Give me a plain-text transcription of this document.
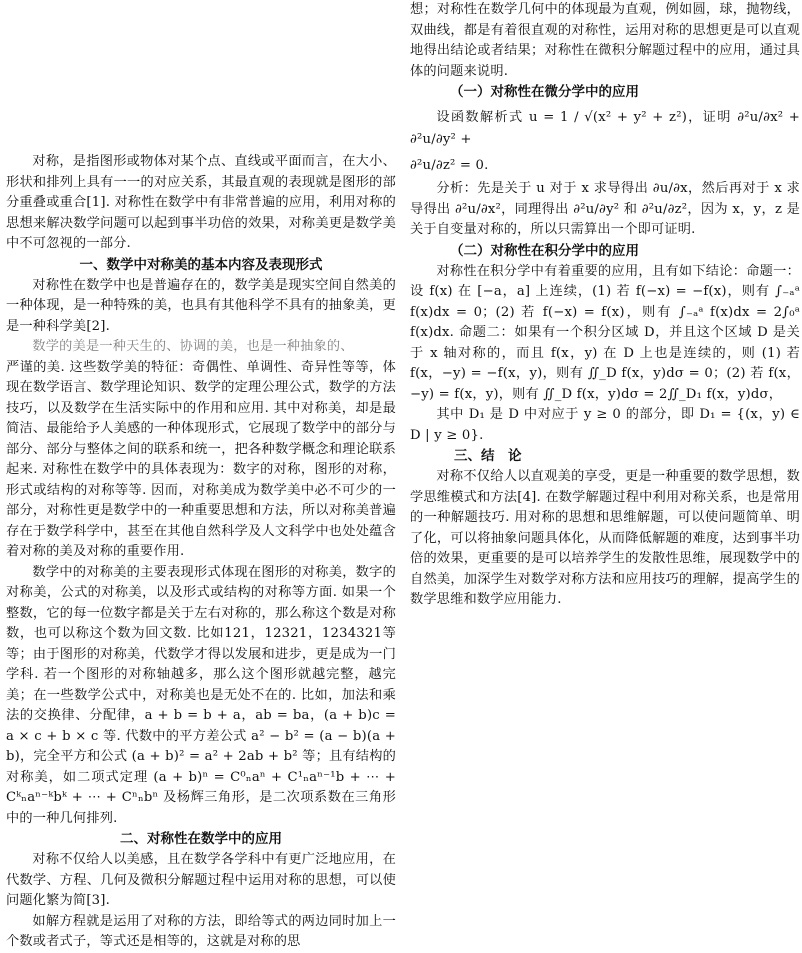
对称，是指图形或物体对某个点、直线或平面而言，在大小、形状和排列上具有一一的对应关系，其最直观的表现就是图形的部分重叠或重合[1]. 对称性在数学中有非常普遍的应用，利用对称的思想来解决数学问题可以起到事半功倍的效果，对称美更是数学美中不可忽视的一部分.

一、数学中对称美的基本内容及表现形式

对称性在数学中也是普遍存在的，数学美是现实空间自然美的一种体现，是一种特殊的美，也具有其他科学不具有的抽象美，更是一种科学美[2].

数学的美是一种天生的、协调的美，也是一种抽象的、

严谨的美. 这些数学美的特征：奇偶性、单调性、奇异性等等，体现在数学语言、数学理论知识、数学的定理公理公式，数学的方法技巧，以及数学在生活实际中的作用和应用. 其中对称美，却是最简洁、最能给予人美感的一种体现形式，它展现了数学中的部分与部分、部分与整体之间的联系和统一，把各种数学概念和理论联系起来. 对称性在数学中的具体表现为：数字的对称，图形的对称，形式或结构的对称等等. 因而，对称美成为数学美中必不可少的一部分，对称性更是数学中的一种重要思想和方法，所以对称美普遍存在于数学科学中，甚至在其他自然科学及人文科学中也处处蕴含着对称的美及对称的重要作用.

数学中的对称美的主要表现形式体现在图形的对称美，数字的对称美，公式的对称美，以及形式或结构的对称等方面. 如果一个整数，它的每一位数字都是关于左右对称的，那么称这个数是对称数，也可以称这个数为回文数. 比如121，12321，1234321等等；由于图形的对称美，代数学才得以发展和进步，更是成为一门学科. 若一个图形的对称轴越多，那么这个图形就越完整，越完美；在一些数学公式中，对称美也是无处不在的. 比如，加法和乘法的交换律、分配律，a + b = b + a，ab = ba，(a + b)c = a × c + b × c 等. 代数中的平方差公式 a² − b² = (a − b)(a + b)，完全平方和公式 (a + b)² = a² + 2ab + b² 等；且有结构的对称美，如二项式定理 (a + b)ⁿ = C⁰ₙaⁿ + C¹ₙaⁿ⁻¹b + ⋯ + Cᵏₙaⁿ⁻ᵏbᵏ + ⋯ + Cⁿₙbⁿ 及杨辉三角形，是二次项系数在三角形中的一种几何排列.

二、对称性在数学中的应用

对称不仅给人以美感，且在数学各学科中有更广泛地应用，在代数学、方程、几何及微积分解题过程中运用对称的思想，可以使问题化繁为简[3].

如解方程就是运用了对称的方法，即给等式的两边同时加上一个数或者式子，等式还是相等的，这就是对称的思

想；对称性在数学几何中的体现最为直观，例如圆，球，抛物线，双曲线，都是有着很直观的对称性，运用对称的思想更是可以直观地得出结论或者结果；对称性在微积分解题过程中的应用，通过具体的问题来说明.

（一）对称性在微分学中的应用

设函数解析式 u = 1 / √(x² + y² + z²)，证明 ∂²u/∂x² + ∂²u/∂y² +

∂²u/∂z² = 0.

分析：先是关于 u 对于 x 求导得出 ∂u/∂x，然后再对于 x 求导得出 ∂²u/∂x²，同理得出 ∂²u/∂y² 和 ∂²u/∂z²，因为 x，y，z 是关于自变量对称的，所以只需算出一个即可证明.

（二）对称性在积分学中的应用

对称性在积分学中有着重要的应用，且有如下结论：命题一：设 f(x) 在 [−a，a] 上连续，(1) 若 f(−x) = −f(x)，则有 ∫₋ₐᵃ f(x)dx = 0；(2) 若 f(−x) = f(x)，则有 ∫₋ₐᵃ f(x)dx = 2∫₀ᵃ f(x)dx. 命题二：如果有一个积分区域 D，并且这个区域 D 是关于 x 轴对称的，而且 f(x，y) 在 D 上也是连续的，则 (1) 若 f(x，−y) = −f(x，y)，则有 ∬_D f(x，y)dσ = 0；(2) 若 f(x，−y) = f(x，y)，则有 ∬_D f(x，y)dσ = 2∬_D₁ f(x，y)dσ，

其中 D₁ 是 D 中对应于 y ≥ 0 的部分，即 D₁ = {(x，y) ∈ D | y ≥ 0}.

三、结　论

对称不仅给人以直观美的享受，更是一种重要的数学思想，数学思维模式和方法[4]. 在数学解题过程中利用对称关系，也是常用的一种解题技巧. 用对称的思想和思维解题，可以使问题简单、明了化，可以将抽象问题具体化，从而降低解题的难度，达到事半功倍的效果，更重要的是可以培养学生的发散性思维，展现数学中的自然美，加深学生对数学对称方法和应用技巧的理解，提高学生的数学思维和数学应用能力.
